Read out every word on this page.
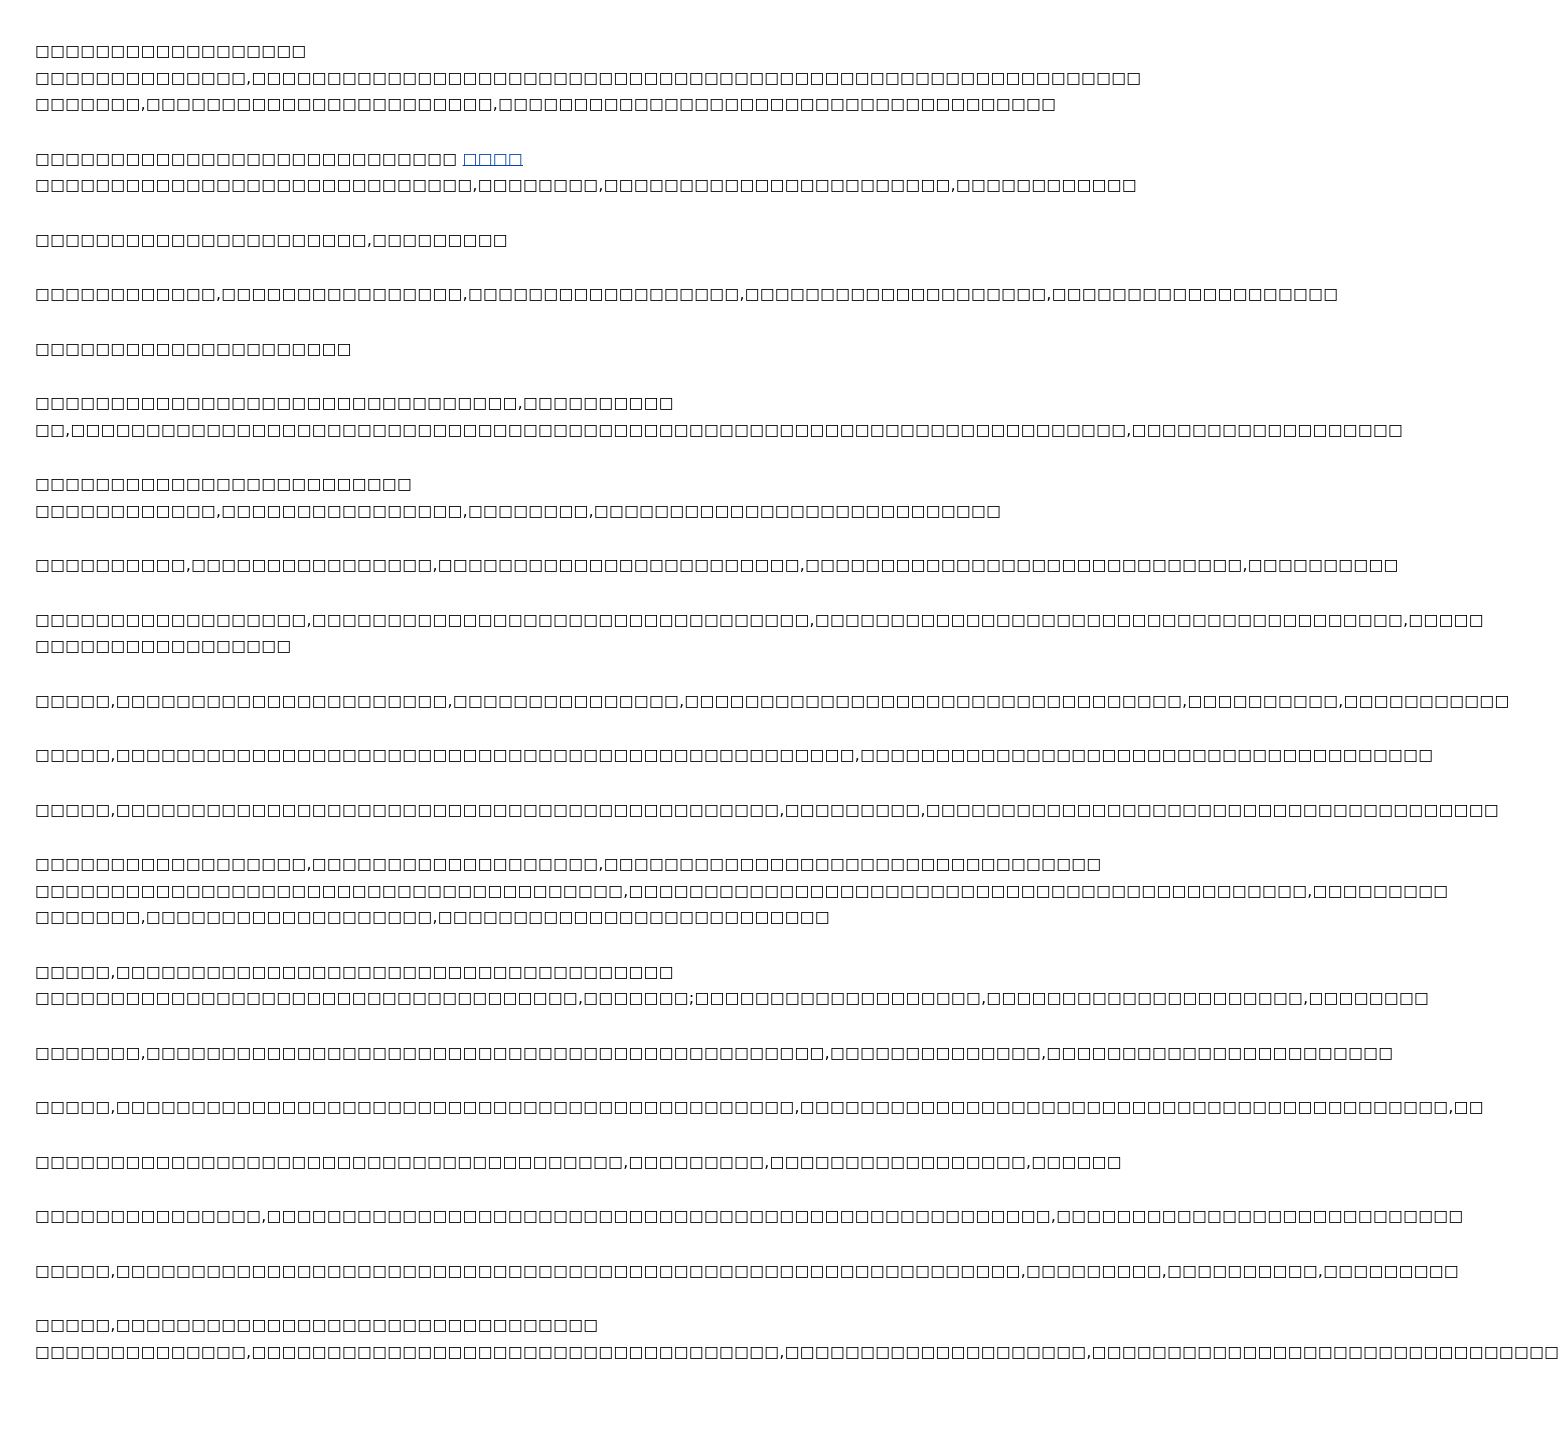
□□□□□□□□□□□□□□□□□□
□□□□□□□□□□□□□□,□□□□□□□□□□□□□□□□□□□□□□□□□□□□□□□□□□□□□□□□□□□□□□□□□□□□□□□□□□□
□□□□□□□,□□□□□□□□□□□□□□□□□□□□□□□,□□□□□□□□□□□□□□□□□□□□□□□□□□□□□□□□□□□□□
□□□□□□□□□□□□□□□□□□□□□□□□□□□□ □□□□
□□□□□□□□□□□□□□□□□□□□□□□□□□□□□,□□□□□□□□,□□□□□□□□□□□□□□□□□□□□□□□,□□□□□□□□□□□□
□□□□□□□□□□□□□□□□□□□□□□,□□□□□□□□□
□□□□□□□□□□□□,□□□□□□□□□□□□□□□□,□□□□□□□□□□□□□□□□□□,□□□□□□□□□□□□□□□□□□□□,□□□□□□□□□□□□□□□□□□□
□□□□□□□□□□□□□□□□□□□□□
□□□□□□□□□□□□□□□□□□□□□□□□□□□□□□□□,□□□□□□□□□□
□□,□□□□□□□□□□□□□□□□□□□□□□□□□□□□□□□□□□□□□□□□□□□□□□□□□□□□□□□□□□□□□□□□□□□□□□,□□□□□□□□□□□□□□□□□□
□□□□□□□□□□□□□□□□□□□□□□□□□
□□□□□□□□□□□□,□□□□□□□□□□□□□□□□,□□□□□□□□,□□□□□□□□□□□□□□□□□□□□□□□□□□□
□□□□□□□□□□,□□□□□□□□□□□□□□□□,□□□□□□□□□□□□□□□□□□□□□□□□,□□□□□□□□□□□□□□□□□□□□□□□□□□□□□,□□□□□□□□□□
□□□□□□□□□□□□□□□□□□,□□□□□□□□□□□□□□□□□□□□□□□□□□□□□□□□□,□□□□□□□□□□□□□□□□□□□□□□□□□□□□□□□□□□□□□□□,□□□□□
□□□□□□□□□□□□□□□□□
□□□□□,□□□□□□□□□□□□□□□□□□□□□□,□□□□□□□□□□□□□□□,□□□□□□□□□□□□□□□□□□□□□□□□□□□□□□□□□,□□□□□□□□□□,□□□□□□□□□□□
□□□□□,□□□□□□□□□□□□□□□□□□□□□□□□□□□□□□□□□□□□□□□□□□□□□□□□□,□□□□□□□□□□□□□□□□□□□□□□□□□□□□□□□□□□□□□□
□□□□□,□□□□□□□□□□□□□□□□□□□□□□□□□□□□□□□□□□□□□□□□□□□□,□□□□□□□□□,□□□□□□□□□□□□□□□□□□□□□□□□□□□□□□□□□□□□□□
□□□□□□□□□□□□□□□□□□,□□□□□□□□□□□□□□□□□□□,□□□□□□□□□□□□□□□□□□□□□□□□□□□□□□□□□
□□□□□□□□□□□□□□□□□□□□□□□□□□□□□□□□□□□□□□□,□□□□□□□□□□□□□□□□□□□□□□□□□□□□□□□□□□□□□□□□□□□□□,□□□□□□□□□
□□□□□□□,□□□□□□□□□□□□□□□□□□□,□□□□□□□□□□□□□□□□□□□□□□□□□□
□□□□□,□□□□□□□□□□□□□□□□□□□□□□□□□□□□□□□□□□□□□
□□□□□□□□□□□□□□□□□□□□□□□□□□□□□□□□□□□□,□□□□□□□;□□□□□□□□□□□□□□□□□□□,□□□□□□□□□□□□□□□□□□□□□,□□□□□□□□
□□□□□□□,□□□□□□□□□□□□□□□□□□□□□□□□□□□□□□□□□□□□□□□□□□□□□,□□□□□□□□□□□□□□,□□□□□□□□□□□□□□□□□□□□□□□
□□□□□,□□□□□□□□□□□□□□□□□□□□□□□□□□□□□□□□□□□□□□□□□□□□□,□□□□□□□□□□□□□□□□□□□□□□□□□□□□□□□□□□□□□□□□□□□,□□
□□□□□□□□□□□□□□□□□□□□□□□□□□□□□□□□□□□□□□□,□□□□□□□□□,□□□□□□□□□□□□□□□□□,□□□□□□
□□□□□□□□□□□□□□□,□□□□□□□□□□□□□□□□□□□□□□□□□□□□□□□□□□□□□□□□□□□□□□□□□□□□,□□□□□□□□□□□□□□□□□□□□□□□□□□□
□□□□□,□□□□□□□□□□□□□□□□□□□□□□□□□□□□□□□□□□□□□□□□□□□□□□□□□□□□□□□□□□□□,□□□□□□□□□,□□□□□□□□□□,□□□□□□□□□
□□□□□,□□□□□□□□□□□□□□□□□□□□□□□□□□□□□□□□
□□□□□□□□□□□□□□,□□□□□□□□□□□□□□□□□□□□□□□□□□□□□□□□□□□,□□□□□□□□□□□□□□□□□□□□,□□□□□□□□□□□□□□□□□□□□□□□□□□□□□□□
